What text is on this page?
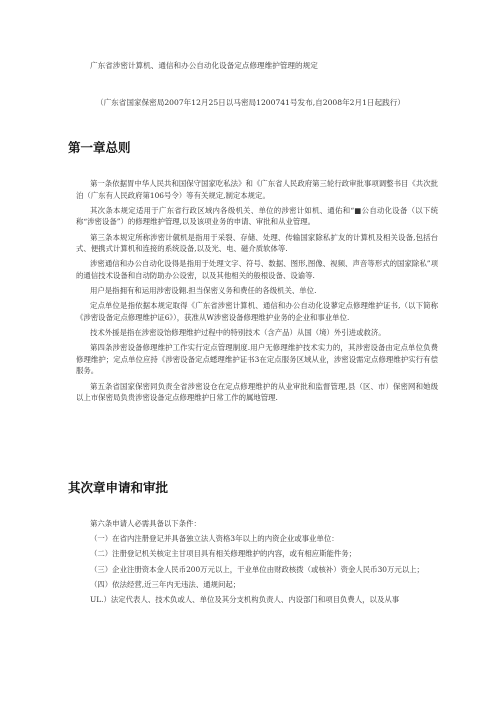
广东省涉密计算机、通信和办公自动化设备定点修理维护管理的规定
（广东省国家保密局2007年12月25日以马密局1200741号发布,自2008年2月1日起践行）
第一章总则

第一条依据胃中华人民共和国保守国家吃私法》和《广东省人民政府第三轮行政审批事项调整书目《共次批泊（广东有人民政府第106号令）等有关规定,制定本规定。

其次条本规定适用于广东省行政区域内各级机关、单位的涉密计如机、通佑和“■公自动化设备（以下统称“涉密设备”）的修理维护管理,以及该项业务的申请、审批和从业管理。

第三条本规定所称涉密计僦机是指用于采裂、存储、处理、传输国家除私扩友的计算机及相关设备,包括台式、便携式计算机和连接的系统设备,以及光、电、磁介质软体等.

涉密通信和办公自动化设得是指用于处理文字、符号、数据、图形,图像、视频、声音等形式的国家除私”项的通信技术设备和自动防助办公设密，以及其他相关的般根设备、设谕等.

用户是指拥有和运用涉密设翱.担当保密义务和费任的各级机关、单位.

定点单位是指依据本规定取得《广东省涉密计算机、通信和办公自动化设蓼定点修理维护证书,（以下简称《涉密设备定点修理维护证6》），获准从W涉密设备修理维护业务的企业和事业单位.

技术外援是指在涉密设饴修理维护过程中的特别技术（含产品）从国（境）外引进或救济。

第四条涉密设备修理维护工作实行定点管理制度.用户无修理维护技术实力的，其涉密设备由定点单位负费修理维护；定点单位应持《涉密设备定点蟋理维护证书3在定点服务区域从业，涉密设需定点修理维护实行有偿服务。

第五条省国家保密同负责全省涉密设仓在定点修理维护的从业审批和监督管理,县（区、市）保密网和她级以上市保密局负贵涉密设备定点修理维护日常工作的属地管理.

其次章申请和审批

第六条申请人必需具备以下条件：

（一）在省内注册登记并具备独立法人资格3年以上的内资企业或事业单位：

（二）注册登记机关核定主甘项目具有相关修理维护的内容，或有相应斯能件务；

（三）企业注册资本金人民币200万元以上，干业单位由财政核拨（或核补）资金人民币30万元以上；

（四）依法经营,近三年内无违法、通规问起；

UL.）法定代表人、技术负或人、单位及其分支机构负责人、内设部门和项目负费人，以及从事
